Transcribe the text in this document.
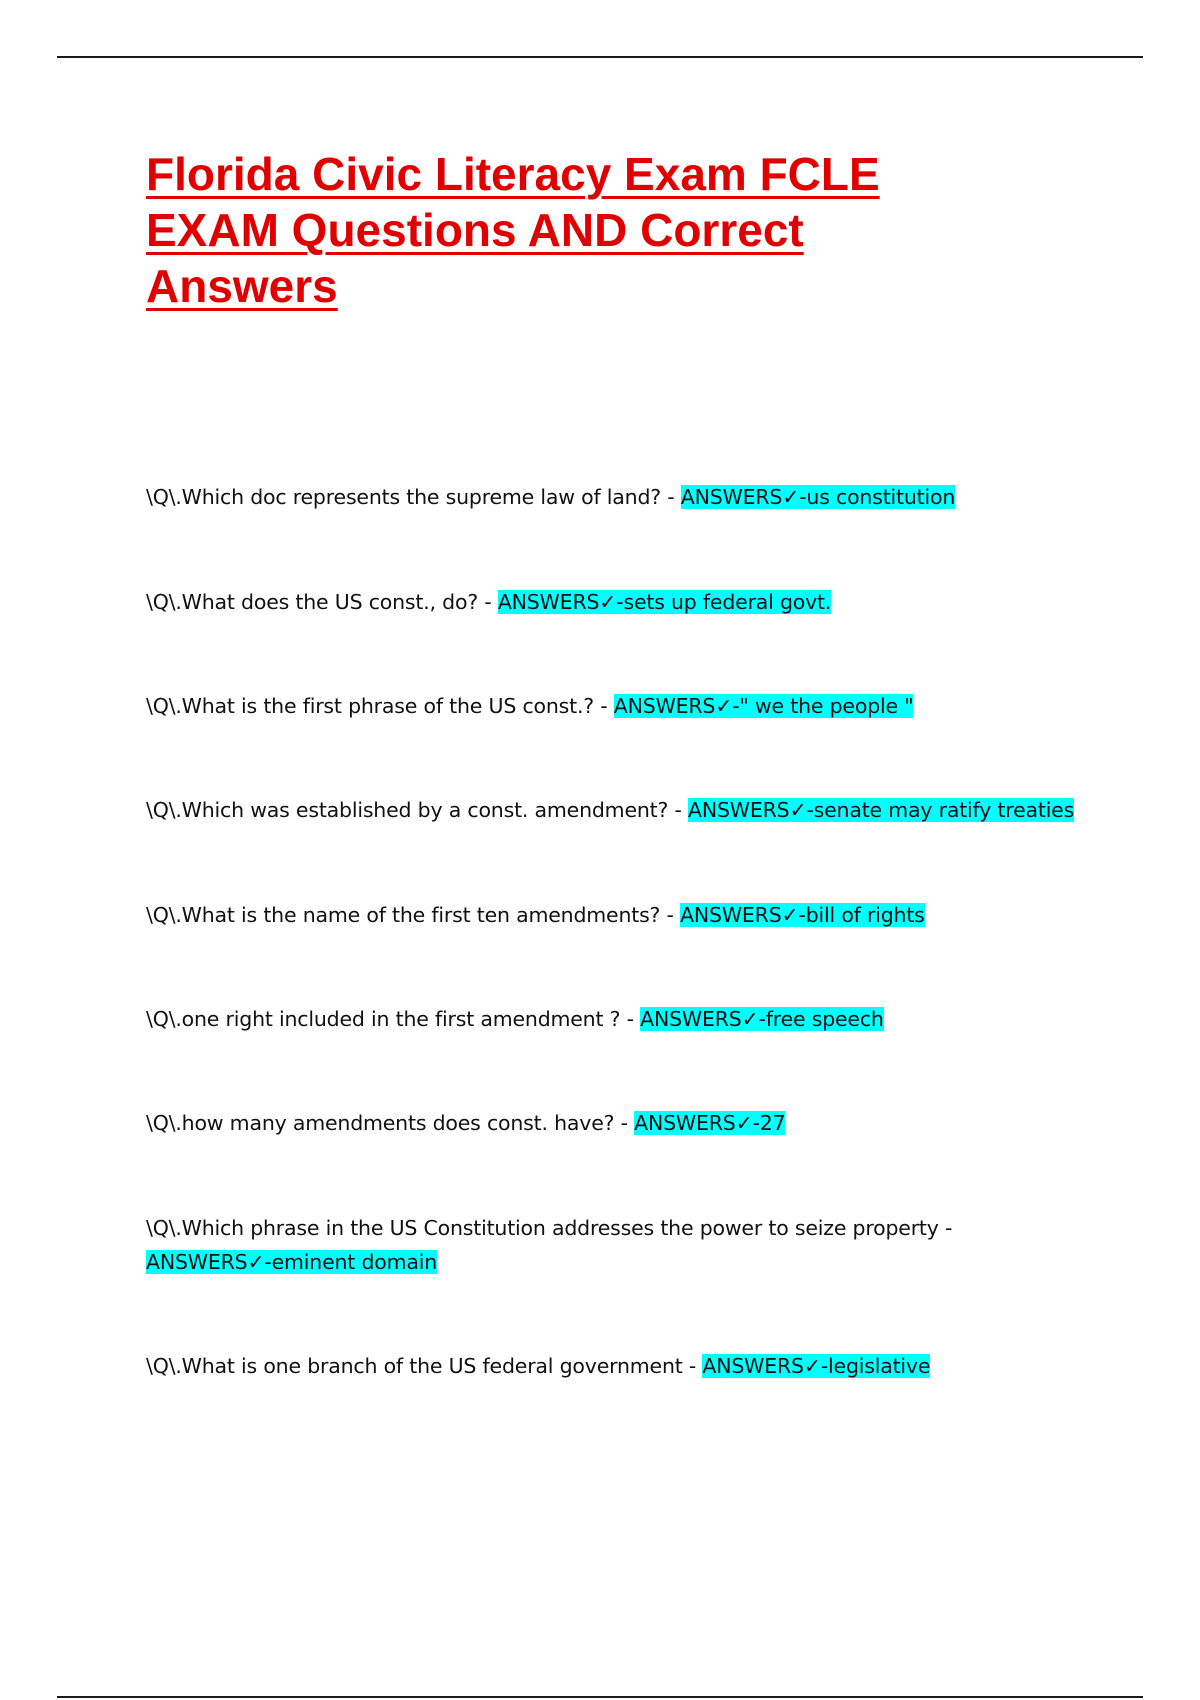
Florida Civic Literacy Exam FCLE EXAM Questions AND Correct Answers
\Q\.Which doc represents the supreme law of land? - ANSWERS✓-us constitution
\Q\.What does the US const., do? - ANSWERS✓-sets up federal govt.
\Q\.What is the first phrase of the US const.? - ANSWERS✓-" we the people "
\Q\.Which was established by a const. amendment? - ANSWERS✓-senate may ratify treaties
\Q\.What is the name of the first ten amendments? - ANSWERS✓-bill of rights
\Q\.one right included in the first amendment ? - ANSWERS✓-free speech
\Q\.how many amendments does const. have? - ANSWERS✓-27
\Q\.Which phrase in the US Constitution addresses the power to seize property - ANSWERS✓-eminent domain
\Q\.What is one branch of the US federal government - ANSWERS✓-legislative
